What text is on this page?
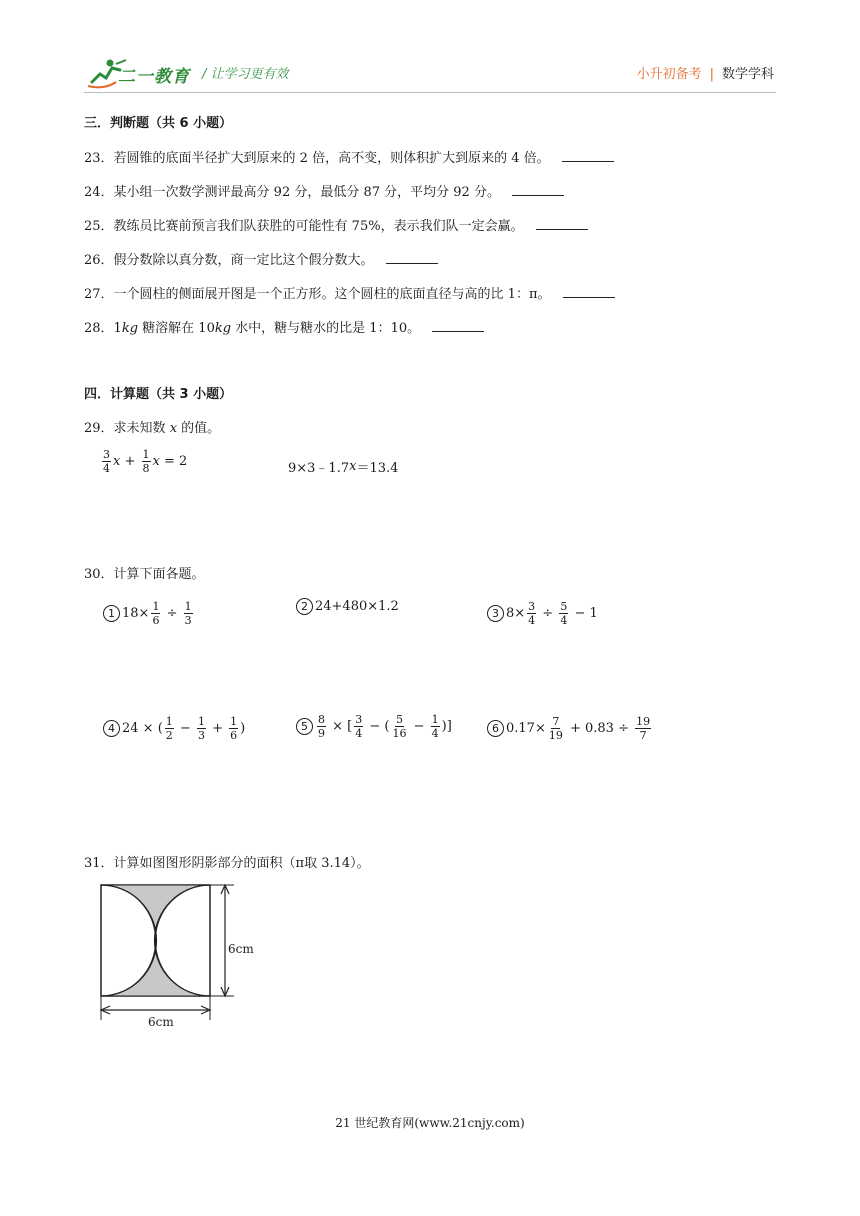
二一教育 / 让学习更有效	小升初备考 | 数学学科
三．判断题（共 6 小题）
23．若圆锥的底面半径扩大到原来的 2 倍，高不变，则体积扩大到原来的 4 倍。
24．某小组一次数学测评最高分 92 分，最低分 87 分，平均分 92 分。
25．教练员比赛前预言我们队获胜的可能性有 75%，表示我们队一定会赢。
26．假分数除以真分数，商一定比这个假分数大。
27．一个圆柱的侧面展开图是一个正方形。这个圆柱的底面直径与高的比 1：π。
28．1kg 糖溶解在 10kg 水中，糖与糖水的比是 1：10。
四．计算题（共 3 小题）
29．求未知数 x 的值。
$\frac{3}{4}$ $x + \frac{1}{8}$ x = 2	9×3﹣1.7 x ＝13.4
30．计算下面各题。
1 $18\times \frac{1}{6} \div \frac{1}{3}$	2 24+480×1.2	3 $8\times \frac{3}{4} \div \frac{5}{4} - 1$
4 24 × ( $\frac{1}{2} - \frac{1}{3} + \frac{1}{6}$ )	$5 \frac{8}{9}$ × [ $\frac{3}{4}$ − ( $\frac{5}{16} - \frac{1}{4}$ )]	6 $0.17\times \frac{7}{19} + 0.83 \div \frac{19}{7}$
31．计算如图图形阴影部分的面积（π取 3.14）。
6cm
6cm
21 世纪教育网(www.21cnjy.com)
